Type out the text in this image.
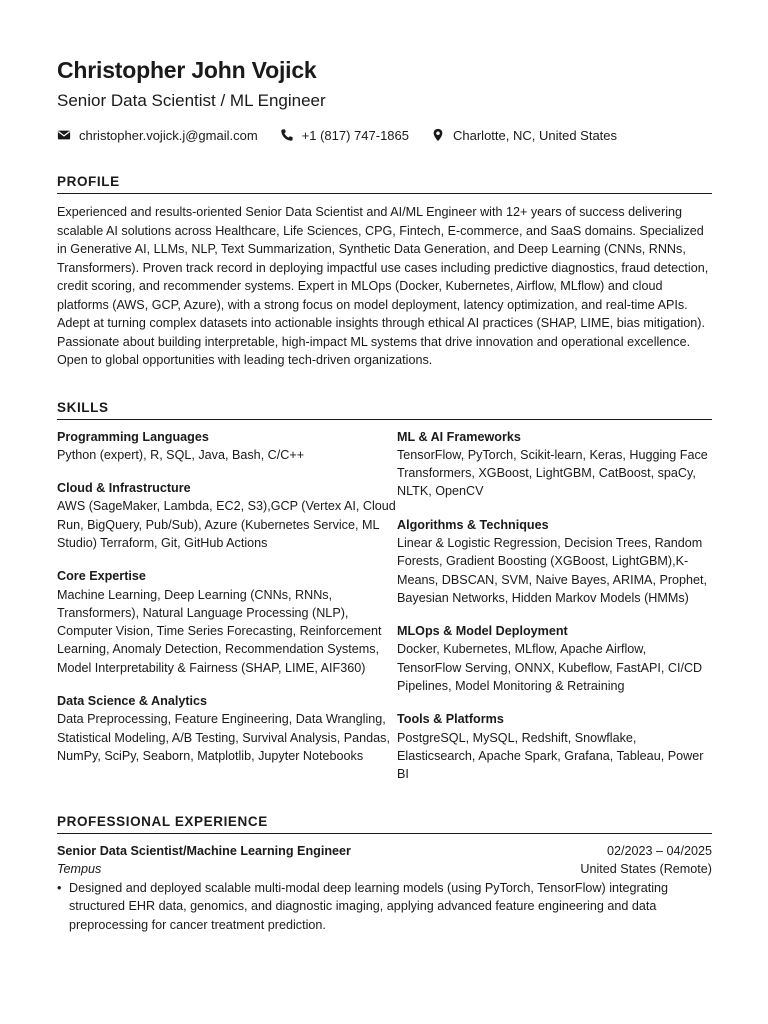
Christopher John Vojick
Senior Data Scientist / ML Engineer
christopher.vojick.j@gmail.com	+1 (817) 747-1865	Charlotte, NC, United States
PROFILE
Experienced and results-oriented Senior Data Scientist and AI/ML Engineer with 12+ years of success delivering scalable AI solutions across Healthcare, Life Sciences, CPG, Fintech, E-commerce, and SaaS domains. Specialized in Generative AI, LLMs, NLP, Text Summarization, Synthetic Data Generation, and Deep Learning (CNNs, RNNs, Transformers). Proven track record in deploying impactful use cases including predictive diagnostics, fraud detection, credit scoring, and recommender systems. Expert in MLOps (Docker, Kubernetes, Airflow, MLflow) and cloud platforms (AWS, GCP, Azure), with a strong focus on model deployment, latency optimization, and real-time APIs. Adept at turning complex datasets into actionable insights through ethical AI practices (SHAP, LIME, bias mitigation). Passionate about building interpretable, high-impact ML systems that drive innovation and operational excellence. Open to global opportunities with leading tech-driven organizations.
SKILLS
Programming Languages
Python (expert), R, SQL, Java, Bash, C/C++
Cloud & Infrastructure
AWS (SageMaker, Lambda, EC2, S3),GCP (Vertex AI, Cloud Run, BigQuery, Pub/Sub), Azure (Kubernetes Service, ML Studio) Terraform, Git, GitHub Actions
Core Expertise
Machine Learning, Deep Learning (CNNs, RNNs, Transformers), Natural Language Processing (NLP), Computer Vision, Time Series Forecasting, Reinforcement Learning, Anomaly Detection, Recommendation Systems, Model Interpretability & Fairness (SHAP, LIME, AIF360)
Data Science & Analytics
Data Preprocessing, Feature Engineering, Data Wrangling, Statistical Modeling, A/B Testing, Survival Analysis, Pandas, NumPy, SciPy, Seaborn, Matplotlib, Jupyter Notebooks
ML & AI Frameworks
TensorFlow, PyTorch, Scikit-learn, Keras, Hugging Face Transformers, XGBoost, LightGBM, CatBoost, spaCy, NLTK, OpenCV
Algorithms & Techniques
Linear & Logistic Regression, Decision Trees, Random Forests, Gradient Boosting (XGBoost, LightGBM),K-Means, DBSCAN, SVM, Naive Bayes, ARIMA, Prophet, Bayesian Networks, Hidden Markov Models (HMMs)
MLOps & Model Deployment
Docker, Kubernetes, MLflow, Apache Airflow, TensorFlow Serving, ONNX, Kubeflow, FastAPI, CI/CD Pipelines, Model Monitoring & Retraining
Tools & Platforms
PostgreSQL, MySQL, Redshift, Snowflake, Elasticsearch, Apache Spark, Grafana, Tableau, Power BI
PROFESSIONAL EXPERIENCE
Senior Data Scientist/Machine Learning Engineer	02/2023 – 04/2025
Tempus	United States (Remote)
• Designed and deployed scalable multi-modal deep learning models (using PyTorch, TensorFlow) integrating structured EHR data, genomics, and diagnostic imaging, applying advanced feature engineering and data preprocessing for cancer treatment prediction.
